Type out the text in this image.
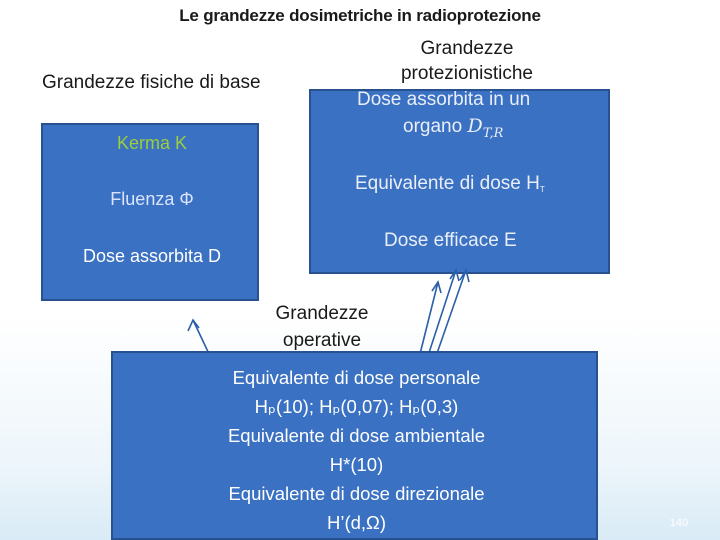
Le grandezze dosimetriche in radioprotezione
Grandezze fisiche di base
Grandezze protezionistiche
Kerma K
Fluenza Φ
Dose assorbita D
Dose assorbita in un
organo $D_{T,R}$
Equivalente di dose HT
Dose efficace E
Grandezze operative
Equivalente di dose personale
Hₚ(10); Hₚ(0,07); Hₚ(0,3)
Equivalente di dose ambientale
H*(10)
Equivalente di dose direzionale
H’(d,Ω)	140
